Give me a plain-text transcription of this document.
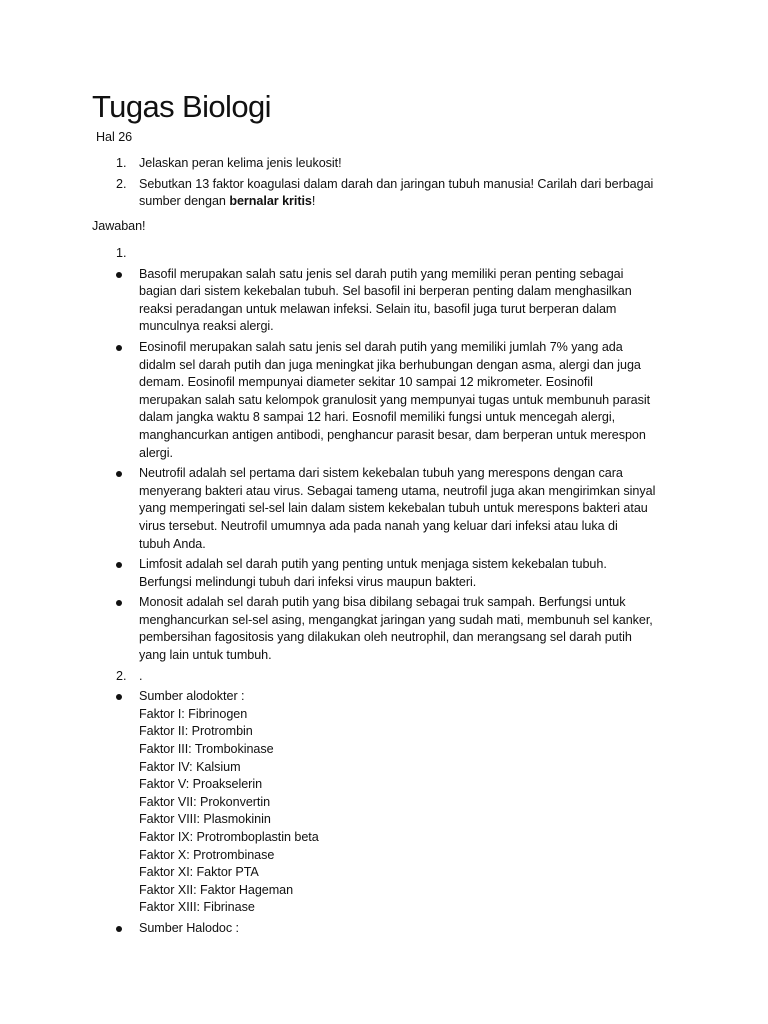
Tugas Biologi
Hal 26
1. Jelaskan peran kelima jenis leukosit!
2. Sebutkan 13 faktor koagulasi dalam darah dan jaringan tubuh manusia! Carilah dari berbagai
sumber dengan bernalar kritis!
Jawaban!
1.

Basofil merupakan salah satu jenis sel darah putih yang memiliki peran penting sebagai
bagian dari sistem kekebalan tubuh. Sel basofil ini berperan penting dalam menghasilkan
reaksi peradangan untuk melawan infeksi. Selain itu, basofil juga turut berperan dalam
munculnya reaksi alergi.
Eosinofil merupakan salah satu jenis sel darah putih yang memiliki jumlah 7% yang ada
didalm sel darah putih dan juga meningkat jika berhubungan dengan asma, alergi dan juga
demam. Eosinofil mempunyai diameter sekitar 10 sampai 12 mikrometer. Eosinofil
merupakan salah satu kelompok granulosit yang mempunyai tugas untuk membunuh parasit
dalam jangka waktu 8 sampai 12 hari. Eosnofil memiliki fungsi untuk mencegah alergi,
manghancurkan antigen antibodi, penghancur parasit besar, dam berperan untuk merespon
alergi.
Neutrofil adalah sel pertama dari sistem kekebalan tubuh yang merespons dengan cara
menyerang bakteri atau virus. Sebagai tameng utama, neutrofil juga akan mengirimkan sinyal
yang memperingati sel-sel lain dalam sistem kekebalan tubuh untuk merespons bakteri atau
virus tersebut. Neutrofil umumnya ada pada nanah yang keluar dari infeksi atau luka di
tubuh Anda.
Limfosit adalah sel darah putih yang penting untuk menjaga sistem kekebalan tubuh.
Berfungsi melindungi tubuh dari infeksi virus maupun bakteri.
Monosit adalah sel darah putih yang bisa dibilang sebagai truk sampah. Berfungsi untuk
menghancurkan sel-sel asing, mengangkat jaringan yang sudah mati, membunuh sel kanker,
pembersihan fagositosis yang dilakukan oleh neutrophil, dan merangsang sel darah putih
yang lain untuk tumbuh.
2. .
Sumber alodokter :
Faktor I: Fibrinogen
Faktor II: Protrombin
Faktor III: Trombokinase
Faktor IV: Kalsium
Faktor V: Proakselerin
Faktor VII: Prokonvertin
Faktor VIII: Plasmokinin
Faktor IX: Protromboplastin beta
Faktor X: Protrombinase
Faktor XI: Faktor PTA
Faktor XII: Faktor Hageman
Faktor XIII: Fibrinase
Sumber Halodoc :
